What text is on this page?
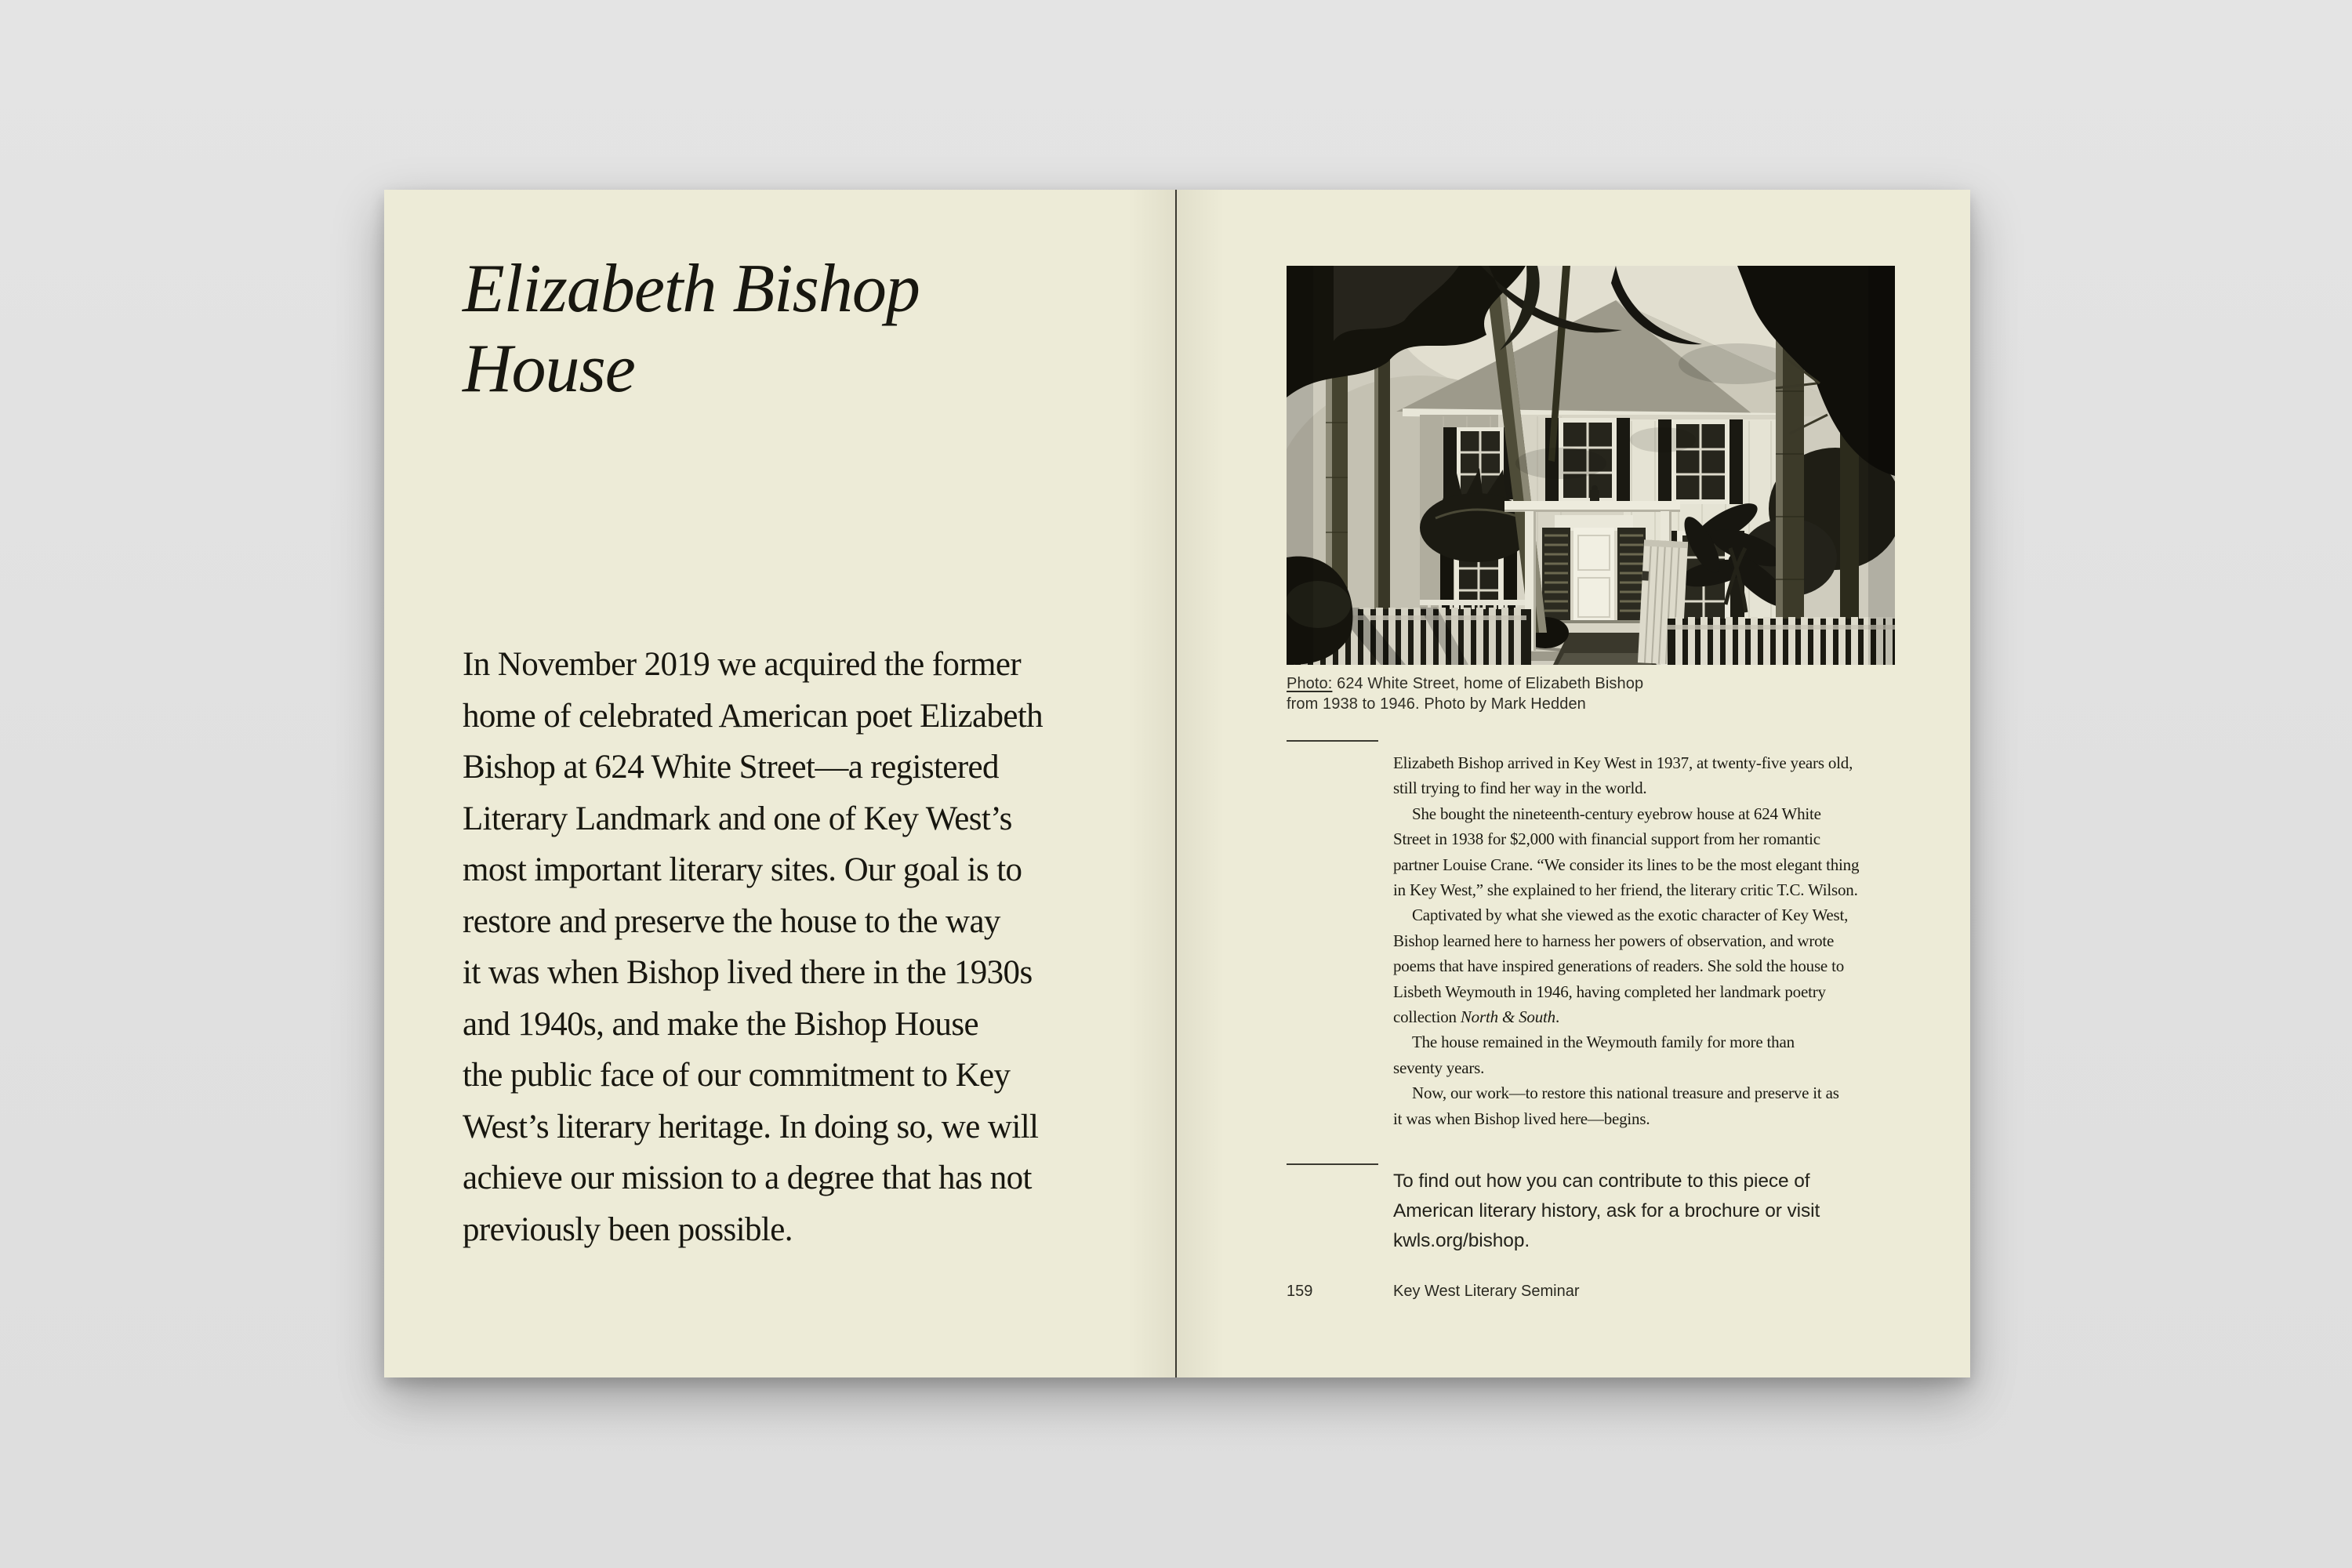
Elizabeth Bishop
House
In November 2019 we acquired the former
home of celebrated American poet Elizabeth
Bishop at 624 White Street—a registered
Literary Landmark and one of Key West’s
most important literary sites. Our goal is to
restore and preserve the house to the way
it was when Bishop lived there in the 1930s
and 1940s, and make the Bishop House
the public face of our commitment to Key
West’s literary heritage. In doing so, we will
achieve our mission to a degree that has not
previously been possible.
Photo: 624 White Street, home of Elizabeth Bishop
from 1938 to 1946. Photo by Mark Hedden
Elizabeth Bishop arrived in Key West in 1937, at twenty-five years old,
still trying to find her way in the world.
She bought the nineteenth-century eyebrow house at 624 White
Street in 1938 for $2,000 with financial support from her romantic
partner Louise Crane. “We consider its lines to be the most elegant thing
in Key West,” she explained to her friend, the literary critic T.C. Wilson.
Captivated by what she viewed as the exotic character of Key West,
Bishop learned here to harness her powers of observation, and wrote
poems that have inspired generations of readers. She sold the house to
Lisbeth Weymouth in 1946, having completed her landmark poetry
collection North & South.
The house remained in the Weymouth family for more than
seventy years.
Now, our work—to restore this national treasure and preserve it as
it was when Bishop lived here—begins.
To find out how you can contribute to this piece of
American literary history, ask for a brochure or visit
kwls.org/bishop.
159	Key West Literary Seminar
